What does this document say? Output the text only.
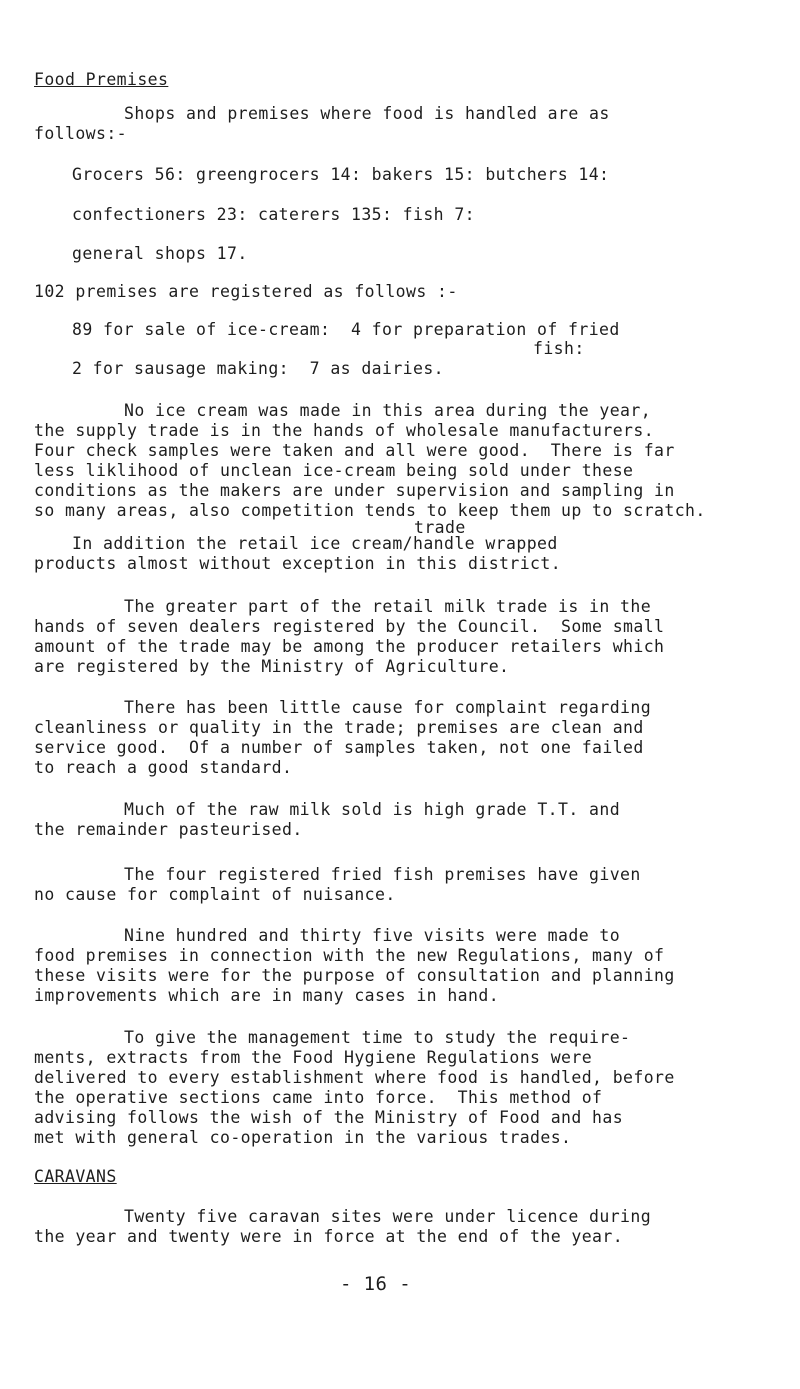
Food Premises
Shops and premises where food is handled are as
follows:-
Grocers 56: greengrocers 14: bakers 15: butchers 14:
confectioners 23: caterers 135: fish 7:
general shops 17.
102 premises are registered as follows :-
89 for sale of ice-cream:  4 for preparation of fried
fish:
2 for sausage making:  7 as dairies.
No ice cream was made in this area during the year,
the supply trade is in the hands of wholesale manufacturers.
Four check samples were taken and all were good.  There is far
less liklihood of unclean ice-cream being sold under these
conditions as the makers are under supervision and sampling in
so many areas, also competition tends to keep them up to scratch.
trade
In addition the retail ice cream/handle wrapped
products almost without exception in this district.
The greater part of the retail milk trade is in the
hands of seven dealers registered by the Council.  Some small
amount of the trade may be among the producer retailers which
are registered by the Ministry of Agriculture.
There has been little cause for complaint regarding
cleanliness or quality in the trade; premises are clean and
service good.  Of a number of samples taken, not one failed
to reach a good standard.
Much of the raw milk sold is high grade T.T. and
the remainder pasteurised.
The four registered fried fish premises have given
no cause for complaint of nuisance.
Nine hundred and thirty five visits were made to
food premises in connection with the new Regulations, many of
these visits were for the purpose of consultation and planning
improvements which are in many cases in hand.
To give the management time to study the require-
ments, extracts from the Food Hygiene Regulations were
delivered to every establishment where food is handled, before
the operative sections came into force.  This method of
advising follows the wish of the Ministry of Food and has
met with general co-operation in the various trades.
CARAVANS
Twenty five caravan sites were under licence during
the year and twenty were in force at the end of the year.
- 16 -
